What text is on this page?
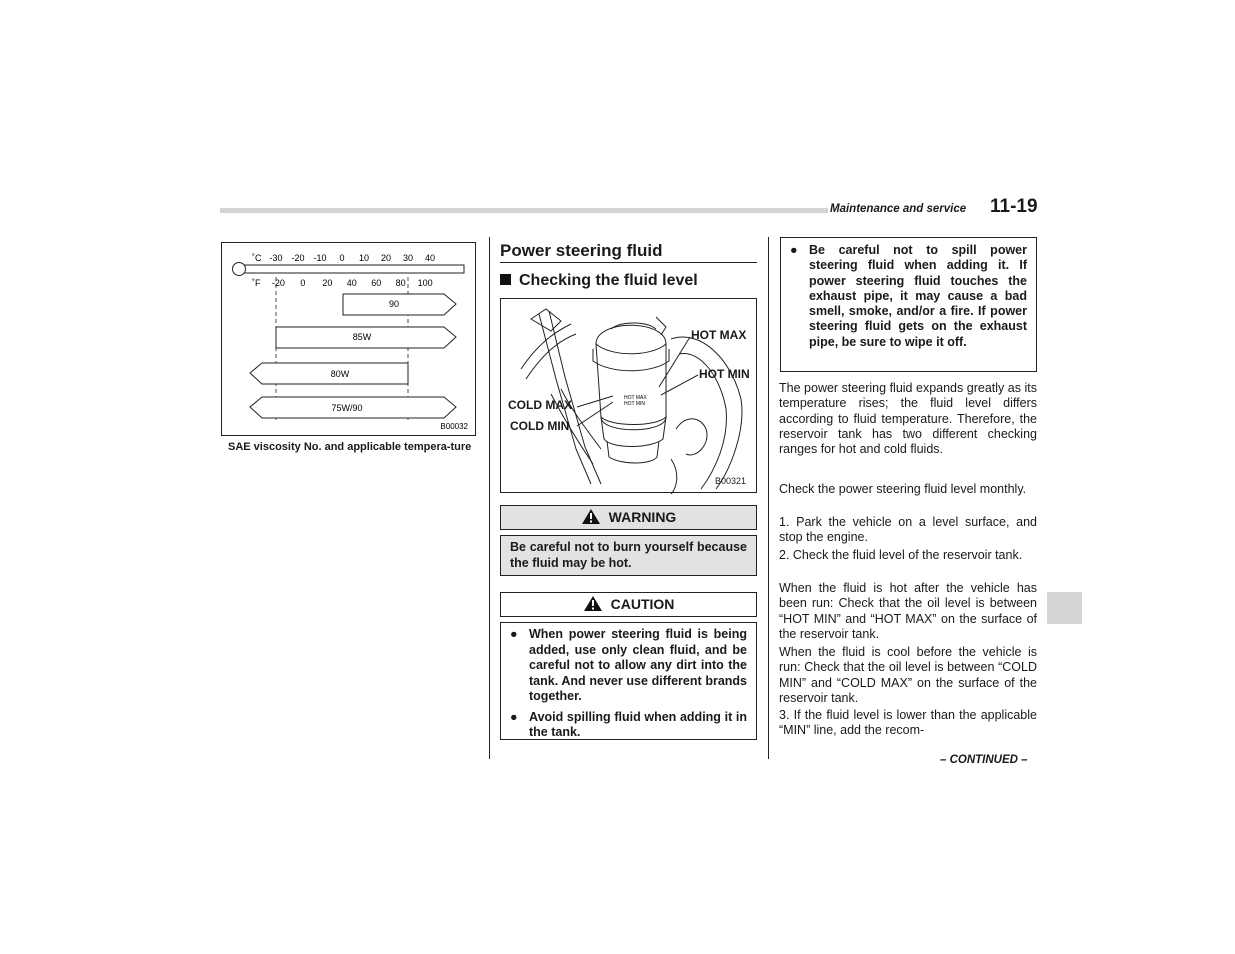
Maintenance and service 11-19
˚C -30 -20 -10 0 10 20 30 40
˚F -20 0 20 40 60 80 100
90
85W
80W
75W/90
B00032
SAE viscosity No. and applicable tempera-ture
Power steering fluid
Checking the fluid level
HOT MAX
HOT MIN
HOT MAX
HOT MIN
COLD MAX
COLD MIN
B00321
WARNING
Be careful not to burn yourself because the fluid may be hot.
CAUTION
● When power steering fluid is being added, use only clean fluid, and be careful not to allow any dirt into the tank. And never use different brands together.
● Avoid spilling fluid when adding it in the tank.
● Be careful not to spill power steering fluid when adding it. If power steering fluid touches the exhaust pipe, it may cause a bad smell, smoke, and/or a fire. If power steering fluid gets on the exhaust pipe, be sure to wipe it off.
The power steering fluid expands greatly as its temperature rises; the fluid level differs according to fluid temperature. Therefore, the reservoir tank has two different checking ranges for hot and cold fluids.
Check the power steering fluid level monthly.
1. Park the vehicle on a level surface, and stop the engine.
2. Check the fluid level of the reservoir tank.
When the fluid is hot after the vehicle has been run: Check that the oil level is between “HOT MIN” and “HOT MAX” on the surface of the reservoir tank.
When the fluid is cool before the vehicle is run: Check that the oil level is between “COLD MIN” and “COLD MAX” on the surface of the reservoir tank.
3. If the fluid level is lower than the applicable “MIN” line, add the recom-
– CONTINUED –
